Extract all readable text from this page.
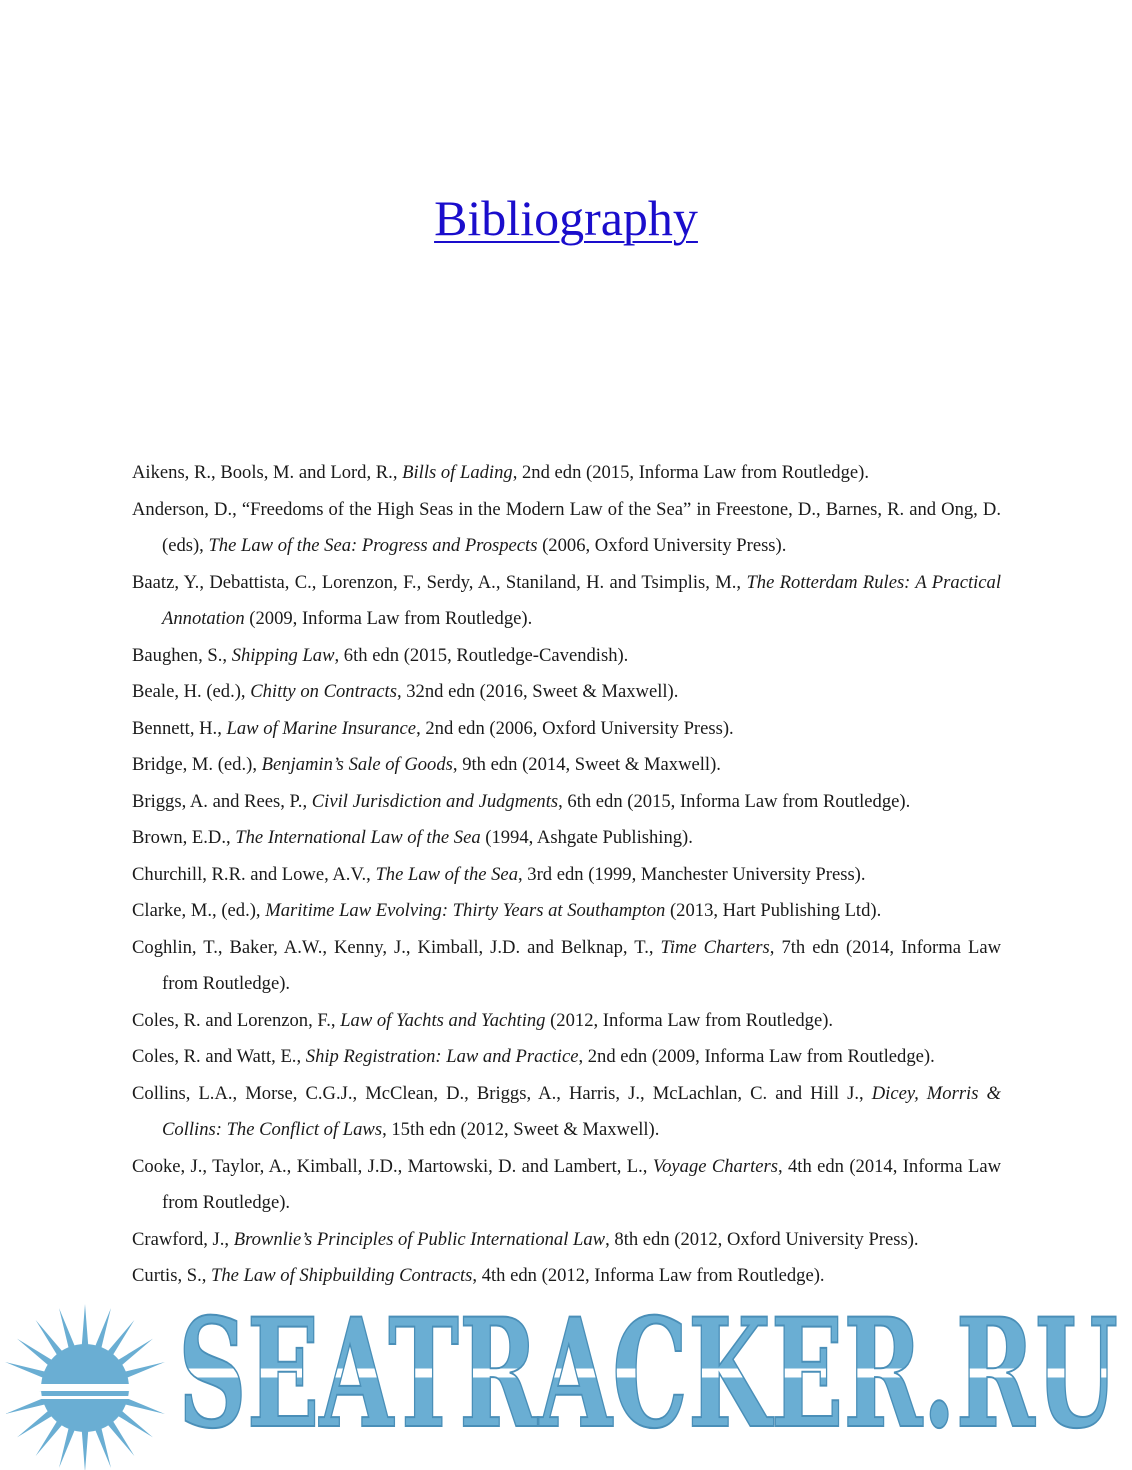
Bibliography
Aikens, R., Bools, M. and Lord, R., Bills of Lading, 2nd edn (2015, Informa Law from Routledge).
Anderson, D., “Freedoms of the High Seas in the Modern Law of the Sea” in Freestone, D., Barnes, R. and Ong, D. (eds), The Law of the Sea: Progress and Prospects (2006, Oxford University Press).
Baatz, Y., Debattista, C., Lorenzon, F., Serdy, A., Staniland, H. and Tsimplis, M., The Rotterdam Rules: A Practical Annotation (2009, Informa Law from Routledge).
Baughen, S., Shipping Law, 6th edn (2015, Routledge-Cavendish).
Beale, H. (ed.), Chitty on Contracts, 32nd edn (2016, Sweet & Maxwell).
Bennett, H., Law of Marine Insurance, 2nd edn (2006, Oxford University Press).
Bridge, M. (ed.), Benjamin’s Sale of Goods, 9th edn (2014, Sweet & Maxwell).
Briggs, A. and Rees, P., Civil Jurisdiction and Judgments, 6th edn (2015, Informa Law from Routledge).
Brown, E.D., The International Law of the Sea (1994, Ashgate Publishing).
Churchill, R.R. and Lowe, A.V., The Law of the Sea, 3rd edn (1999, Manchester University Press).
Clarke, M., (ed.), Maritime Law Evolving: Thirty Years at Southampton (2013, Hart Publishing Ltd).
Coghlin, T., Baker, A.W., Kenny, J., Kimball, J.D. and Belknap, T., Time Charters, 7th edn (2014, Informa Law from Routledge).
Coles, R. and Lorenzon, F., Law of Yachts and Yachting (2012, Informa Law from Routledge).
Coles, R. and Watt, E., Ship Registration: Law and Practice, 2nd edn (2009, Informa Law from Routledge).
Collins, L.A., Morse, C.G.J., McClean, D., Briggs, A., Harris, J., McLachlan, C. and Hill J., Dicey, Morris & Collins: The Conflict of Laws, 15th edn (2012, Sweet & Maxwell).
Cooke, J., Taylor, A., Kimball, J.D., Martowski, D. and Lambert, L., Voyage Charters, 4th edn (2014, Informa Law from Routledge).
Crawford, J., Brownlie’s Principles of Public International Law, 8th edn (2012, Oxford University Press).
Curtis, S., The Law of Shipbuilding Contracts, 4th edn (2012, Informa Law from Routledge).
SEATRACKER.RU
